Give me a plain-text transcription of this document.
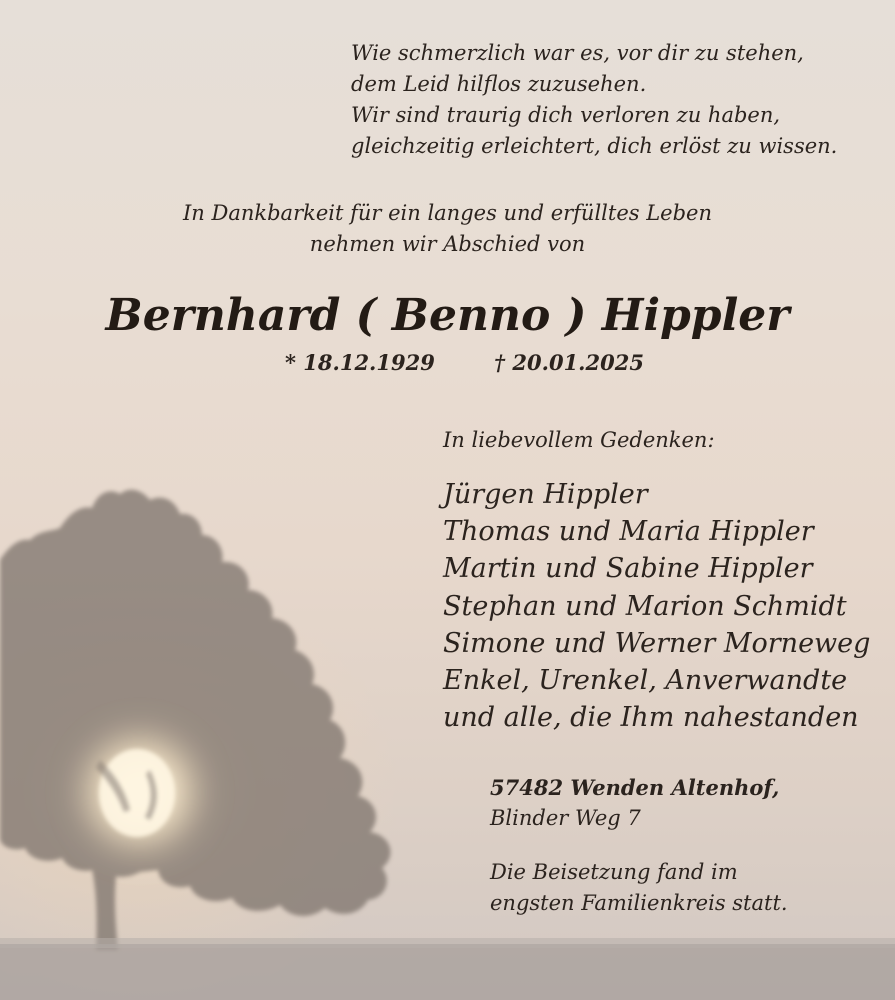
Wie schmerzlich war es, vor dir zu stehen,
dem Leid hilflos zuzusehen.
Wir sind traurig dich verloren zu haben,
gleichzeitig erleichtert, dich erlöst zu wissen.
In Dankbarkeit für ein langes und erfülltes Leben
nehmen wir Abschied von
Bernhard ( Benno ) Hippler
* 18.12.1929	† 20.01.2025
In liebevollem Gedenken:
Jürgen Hippler
Thomas und Maria Hippler
Martin und Sabine Hippler
Stephan und Marion Schmidt
Simone und Werner Morneweg
Enkel, Urenkel, Anverwandte
und alle, die Ihm nahestanden
57482 Wenden Altenhof,
Blinder Weg 7
Die Beisetzung fand im
engsten Familienkreis statt.
